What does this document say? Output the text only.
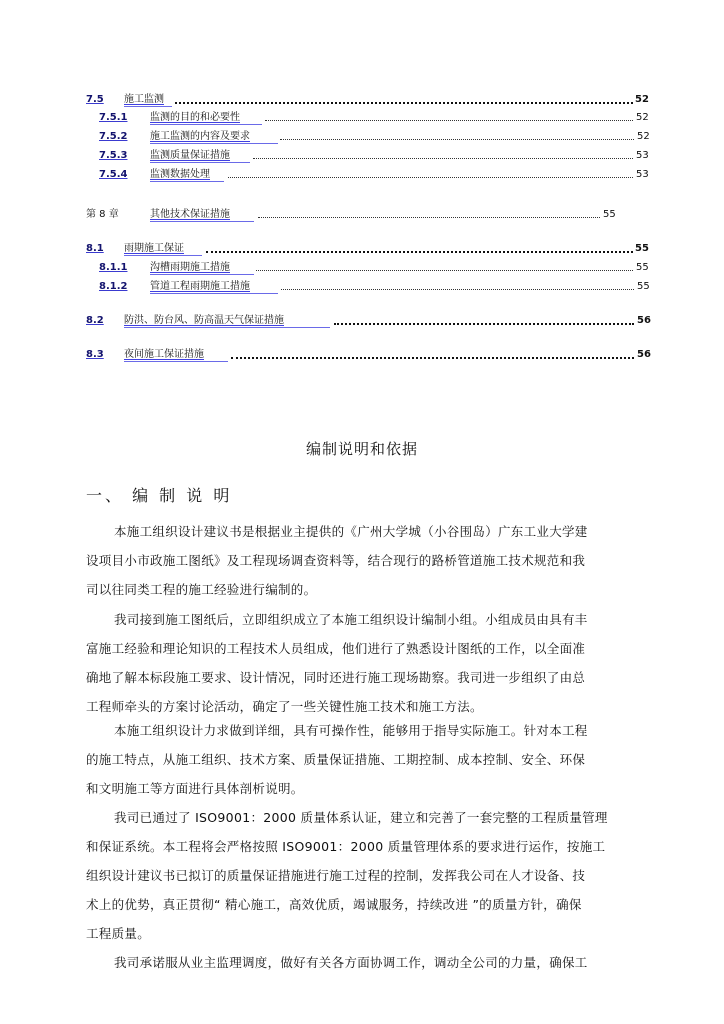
7.5 施工监测	52
7.5.1 监测的目的和必要性	52
7.5.2 施工监测的内容及要求	52
7.5.3 监测质量保证措施	53
7.5.4 监测数据处理	53
第 8 章	其他技术保证措施	55
8.1 雨期施工保证	55
8.1.1 沟槽雨期施工措施	55
8.1.2 管道工程雨期施工措施	55
8.2 防洪、防台风、防高温天气保证措施	56
8.3 夜间施工保证措施	56
编制说明和依据
一、 编 制 说 明

本施工组织设计建议书是根据业主提供的《广州大学城（小谷围岛）广东工业大学建
设项目小市政施工图纸》及工程现场调查资料等，结合现行的路桥管道施工技术规范和我
司以往同类工程的施工经验进行编制的。

我司接到施工图纸后，立即组织成立了本施工组织设计编制小组。小组成员由具有丰
富施工经验和理论知识的工程技术人员组成，他们进行了熟悉设计图纸的工作，以全面准
确地了解本标段施工要求、设计情况，同时还进行施工现场勘察。我司进一步组织了由总
工程师牵头的方案讨论活动，确定了一些关键性施工技术和施工方法。

本施工组织设计力求做到详细，具有可操作性，能够用于指导实际施工。针对本工程
的施工特点，从施工组织、技术方案、质量保证措施、工期控制、成本控制、安全、环保
和文明施工等方面进行具体剖析说明。

我司已通过了 ISO9001：2000 质量体系认证，建立和完善了一套完整的工程质量管理
和保证系统。本工程将会严格按照 ISO9001：2000 质量管理体系的要求进行运作，按施工
组织设计建议书已拟订的质量保证措施进行施工过程的控制，发挥我公司在人才设备、技
术上的优势，真正贯彻“ 精心施工，高效优质，竭诚服务，持续改进 ”的质量方针，确保
工程质量。

我司承诺服从业主监理调度，做好有关各方面协调工作，调动全公司的力量，确保工
